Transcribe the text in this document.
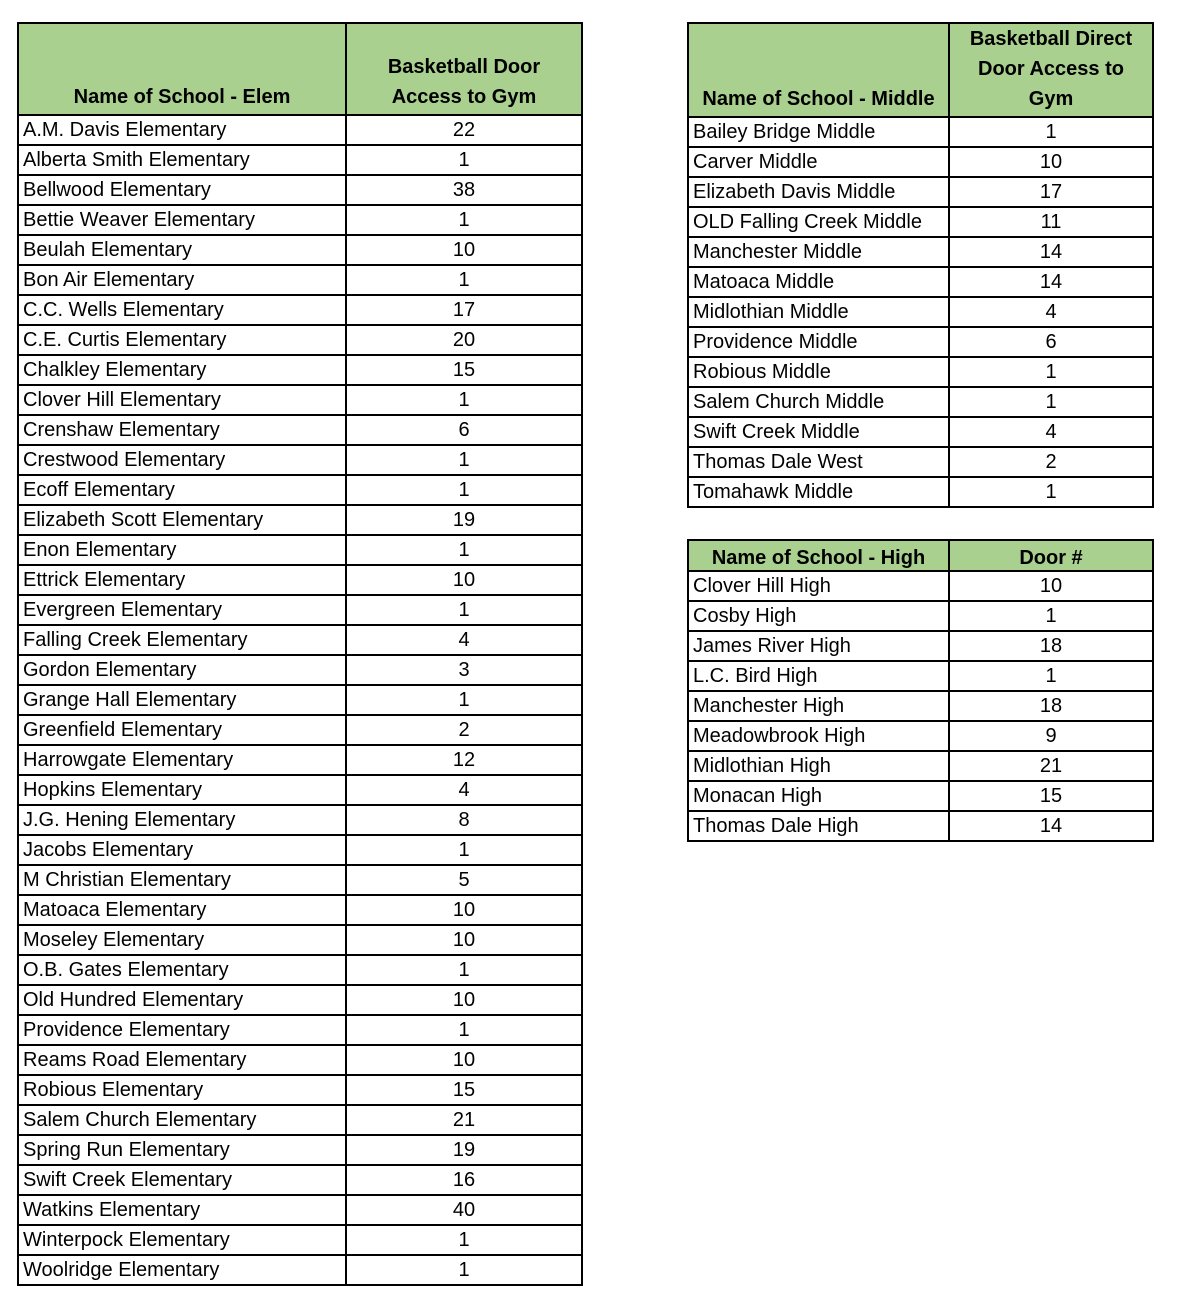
Name of School - Elem	Basketball Door Access to Gym
A.M. Davis Elementary	22
Alberta Smith Elementary	1
Bellwood Elementary	38
Bettie Weaver Elementary	1
Beulah Elementary	10
Bon Air Elementary	1
C.C. Wells Elementary	17
C.E. Curtis Elementary	20
Chalkley Elementary	15
Clover Hill Elementary	1
Crenshaw Elementary	6
Crestwood Elementary	1
Ecoff Elementary	1
Elizabeth Scott Elementary	19
Enon Elementary	1
Ettrick Elementary	10
Evergreen Elementary	1
Falling Creek Elementary	4
Gordon Elementary	3
Grange Hall Elementary	1
Greenfield Elementary	2
Harrowgate Elementary	12
Hopkins Elementary	4
J.G. Hening Elementary	8
Jacobs Elementary	1
M Christian Elementary	5
Matoaca Elementary	10
Moseley Elementary	10
O.B. Gates Elementary	1
Old Hundred Elementary	10
Providence Elementary	1
Reams Road Elementary	10
Robious Elementary	15
Salem Church Elementary	21
Spring Run Elementary	19
Swift Creek Elementary	16
Watkins Elementary	40
Winterpock Elementary	1
Woolridge Elementary	1
Name of School - Middle	Basketball Direct Door Access to Gym
Bailey Bridge Middle	1
Carver Middle	10
Elizabeth Davis Middle	17
OLD Falling Creek Middle	11
Manchester Middle	14
Matoaca Middle	14
Midlothian Middle	4
Providence Middle	6
Robious Middle	1
Salem Church Middle	1
Swift Creek Middle	4
Thomas Dale West	2
Tomahawk Middle	1
Name of School - High	Door #
Clover Hill High	10
Cosby High	1
James River High	18
L.C. Bird High	1
Manchester High	18
Meadowbrook High	9
Midlothian High	21
Monacan High	15
Thomas Dale High	14
